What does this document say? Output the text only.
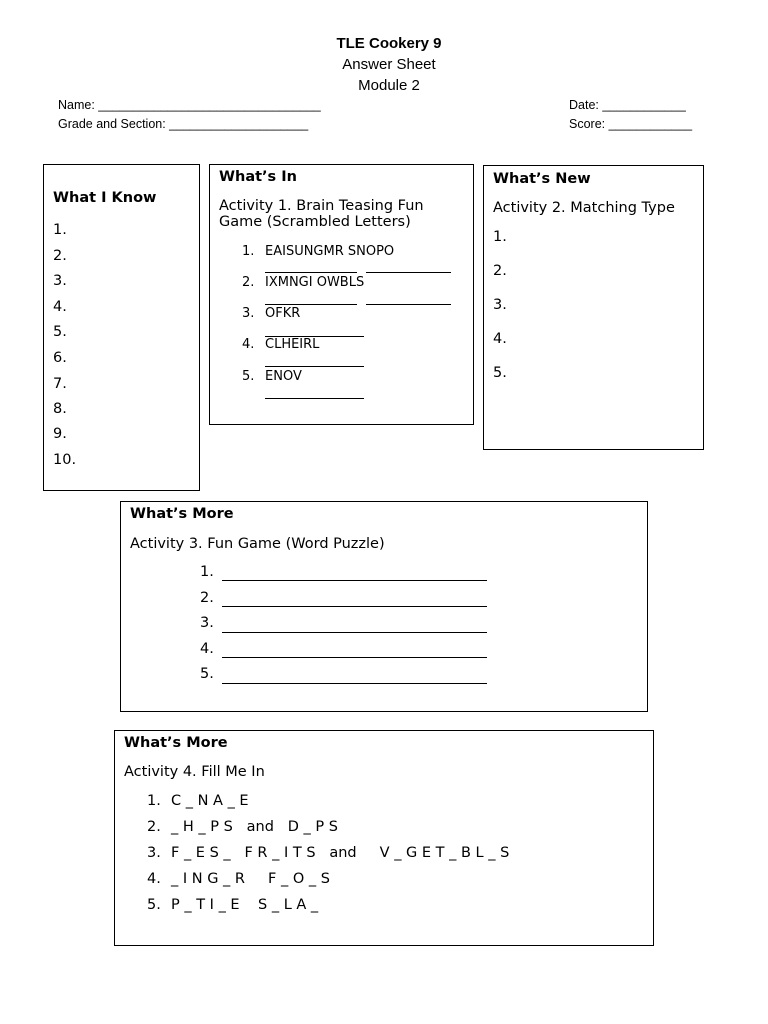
TLE Cookery 9
Answer Sheet
Module 2
Name: ________________________________
Grade and Section: ____________________
Date: ____________
Score: ____________
What I Know
1.
2.
3.
4.
5.
6.
7.
8.
9.
10.
What’s In
Activity 1. Brain Teasing Fun
Game (Scrambled Letters)
1. EAISUNGMR SNOPO
2. IXMNGI OWBLS
3. OFKR
4. CLHEIRL
5. ENOV
What’s New
Activity 2. Matching Type
1.
2.
3.
4.
5.
What’s More
Activity 3. Fun Game (Word Puzzle)
1.
2.
3.
4.
5.
What’s More
Activity 4. Fill Me In
1. C _ N A _ E
2. _ H _ P S   and   D _ P S
3. F _ E S _   F R _ I T S   and     V _ G E T _ B L _ S
4. _ I N G _ R     F _ O _ S
5. P _ T I _ E    S _ L A _
